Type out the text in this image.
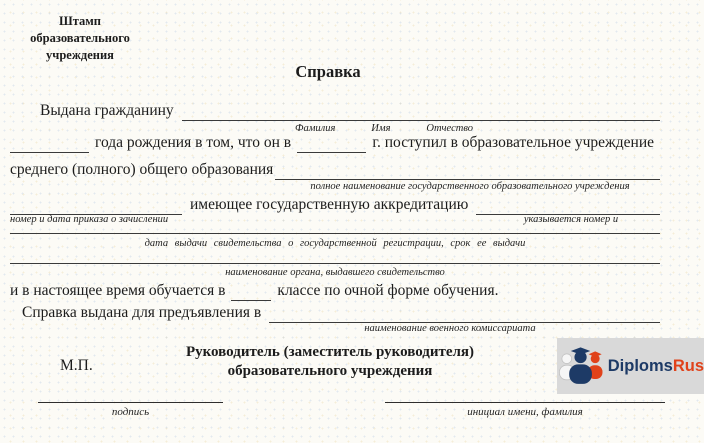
Штамп
образовательного
учреждения
Справка
Выдана гражданину
Фамилия	Имя	Отчество
года рождения в том, что он в	г. поступил в образовательное учреждение
среднего (полного) общего образования
полное наименование государственного образовательного учреждения
имеющее государственную аккредитацию
номер и дата приказа о зачислении	указывается номер и
дата выдачи свидетельства о государственной регистрации, срок ее выдачи
наименование органа, выдавшего свидетельство
и в настоящее время обучается в	классе по очной форме обучения.
Справка выдана для предъявления в
наименование военного комиссариата
М.П.
Руководитель (заместитель руководителя)
образовательного учреждения	DiplomsRus
подпись	инициал имени, фамилия
